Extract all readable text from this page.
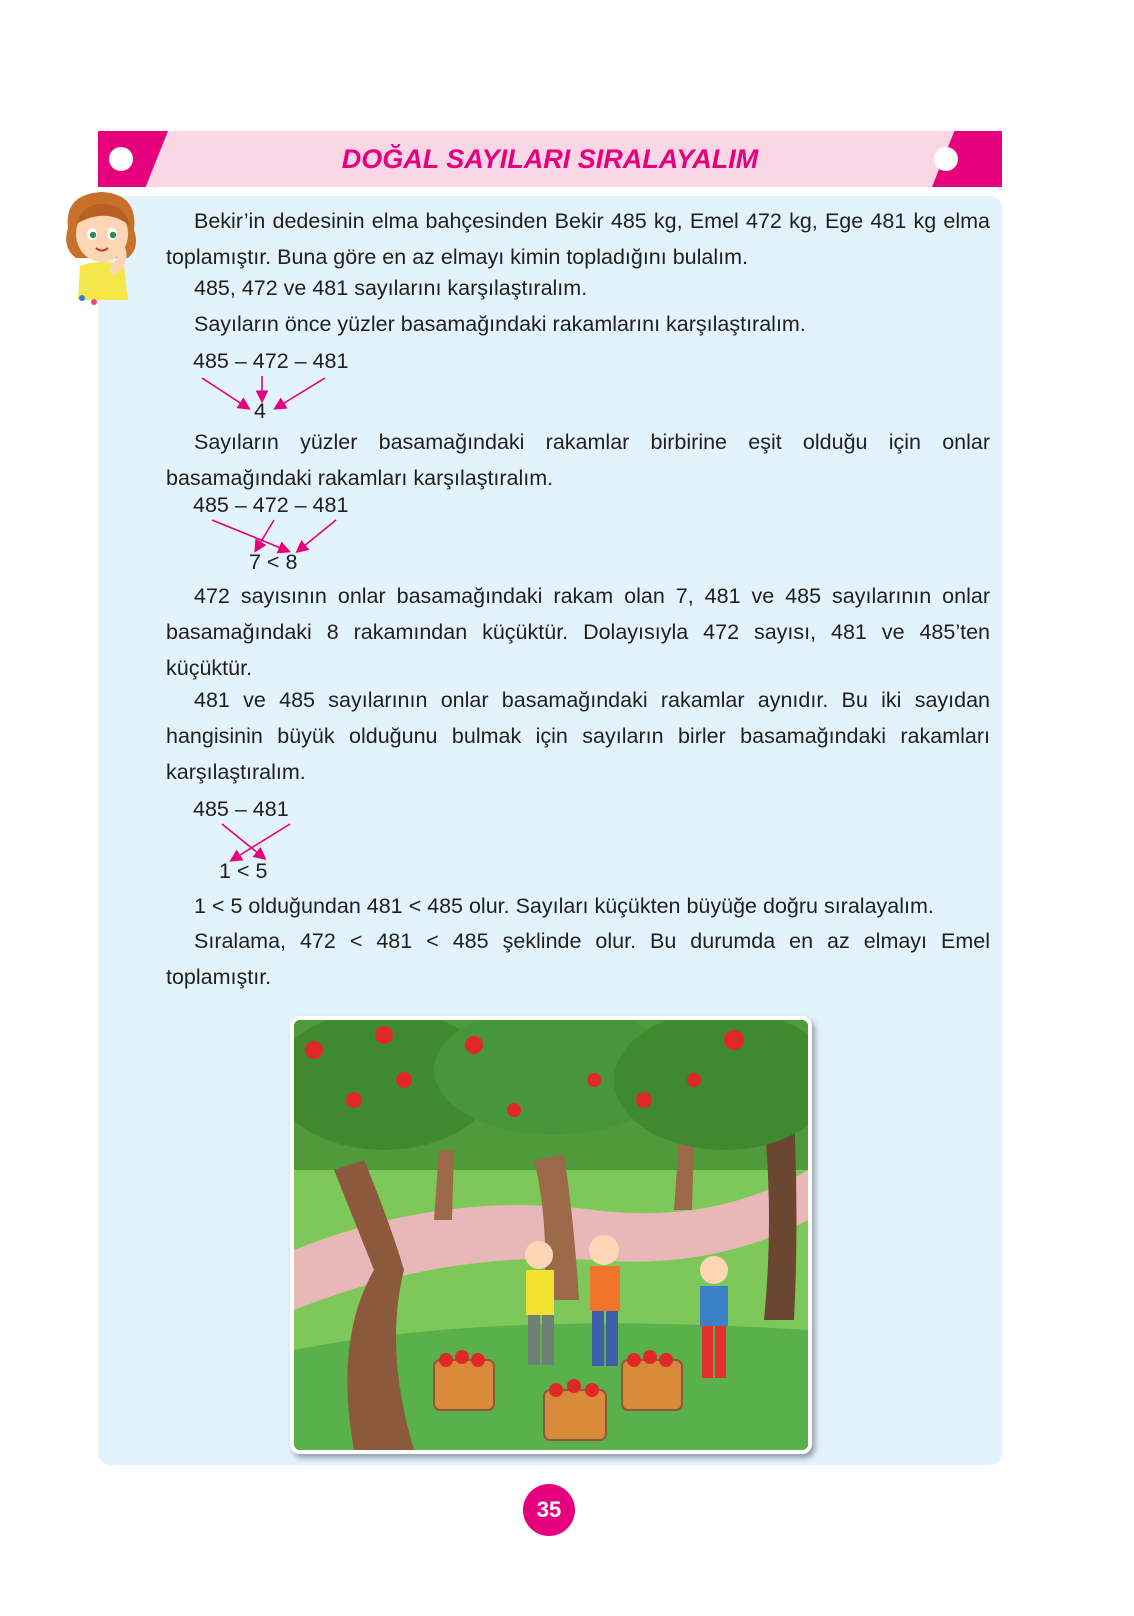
DOĞAL SAYILARI SIRALAYALIM

Bekir’in dedesinin elma bahçesinden Bekir 485 kg, Emel 472 kg, Ege 481 kg elma toplamıştır. Buna göre en az elmayı kimin topladığını bulalım.

485, 472 ve 481 sayılarını karşılaştıralım.

Sayıların önce yüzler basamağındaki rakamlarını karşılaştıralım.

485 – 472 – 481
4

Sayıların yüzler basamağındaki rakamlar birbirine eşit olduğu için onlar basamağındaki rakamları karşılaştıralım.

485 – 472 – 481
7 < 8

472 sayısının onlar basamağındaki rakam olan 7, 481 ve 485 sayılarının onlar basamağındaki 8 rakamından küçüktür. Dolayısıyla 472 sayısı, 481 ve 485’ten küçüktür.

481 ve 485 sayılarının onlar basamağındaki rakamlar aynıdır. Bu iki sayıdan hangisinin büyük olduğunu bulmak için sayıların birler basamağındaki rakamları karşılaştıralım.

485 – 481
1 < 5

1 < 5 olduğundan 481 < 485 olur. Sayıları küçükten büyüğe doğru sıralayalım.

Sıralama, 472 < 481 < 485 şeklinde olur. Bu durumda en az elmayı Emel toplamıştır.

35
